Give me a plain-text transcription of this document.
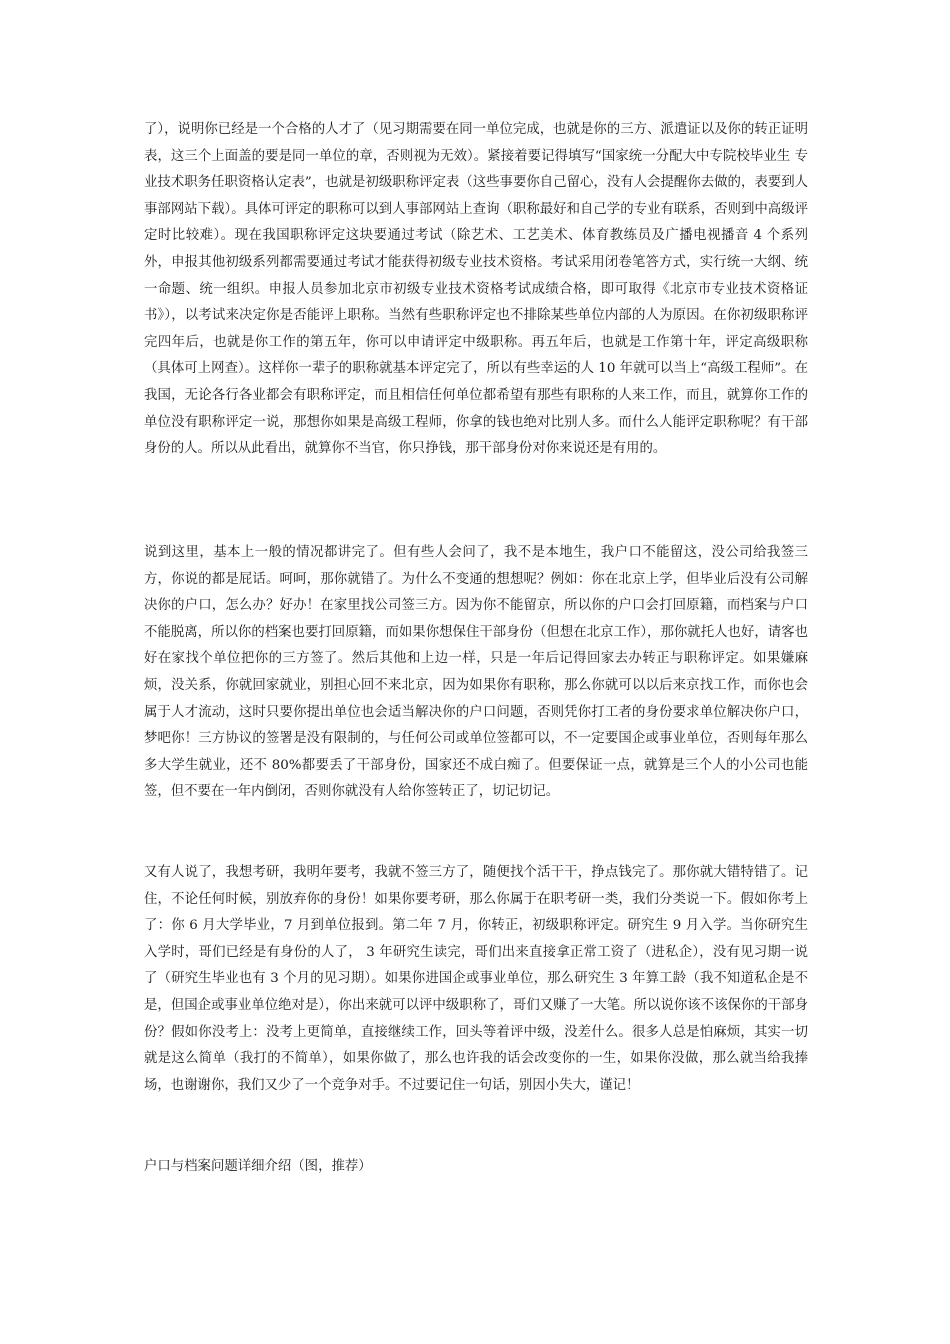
了），说明你已经是一个合格的人才了（见习期需要在同一单位完成，也就是你的三方、派遣证以及你的转正证明表，这三个上面盖的要是同一单位的章，否则视为无效）。紧接着要记得填写“国家统一分配大中专院校毕业生 专业技术职务任职资格认定表”，也就是初级职称评定表（这些事要你自己留心，没有人会提醒你去做的，表要到人事部网站下载）。具体可评定的职称可以到人事部网站上查询（职称最好和自己学的专业有联系，否则到中高级评定时比较难）。现在我国职称评定这块要通过考试（除艺术、工艺美术、体育教练员及广播电视播音 4 个系列外，申报其他初级系列都需要通过考试才能获得初级专业技术资格。考试采用闭卷笔答方式，实行统一大纲、统一命题、统一组织。申报人员参加北京市初级专业技术资格考试成绩合格，即可取得《北京市专业技术资格证书》），以考试来决定你是否能评上职称。当然有些职称评定也不排除某些单位内部的人为原因。在你初级职称评完四年后，也就是你工作的第五年，你可以申请评定中级职称。再五年后，也就是工作第十年，评定高级职称（具体可上网查）。这样你一辈子的职称就基本评定完了，所以有些幸运的人 10 年就可以当上“高级工程师”。在我国，无论各行各业都会有职称评定，而且相信任何单位都希望有那些有职称的人来工作，而且，就算你工作的单位没有职称评定一说，那想你如果是高级工程师，你拿的钱也绝对比别人多。而什么人能评定职称呢？有干部身份的人。所以从此看出，就算你不当官，你只挣钱，那干部身份对你来说还是有用的。

说到这里，基本上一般的情况都讲完了。但有些人会问了，我不是本地生，我户口不能留这，没公司给我签三方，你说的都是屁话。呵呵，那你就错了。为什么不变通的想想呢？例如：你在北京上学，但毕业后没有公司解决你的户口，怎么办？好办！在家里找公司签三方。因为你不能留京，所以你的户口会打回原籍，而档案与户口不能脱离，所以你的档案也要打回原籍，而如果你想保住干部身份（但想在北京工作），那你就托人也好，请客也好在家找个单位把你的三方签了。然后其他和上边一样，只是一年后记得回家去办转正与职称评定。如果嫌麻烦，没关系，你就回家就业，别担心回不来北京，因为如果你有职称，那么你就可以以后来京找工作，而你也会属于人才流动，这时只要你提出单位也会适当解决你的户口问题，否则凭你打工者的身份要求单位解决你户口，梦吧你！三方协议的签署是没有限制的，与任何公司或单位签都可以，不一定要国企或事业单位，否则每年那么多大学生就业，还不 80%都要丢了干部身份，国家还不成白痴了。但要保证一点，就算是三个人的小公司也能签，但不要在一年内倒闭，否则你就没有人给你签转正了，切记切记。

又有人说了，我想考研，我明年要考，我就不签三方了，随便找个活干干，挣点钱完了。那你就大错特错了。记住，不论任何时候，别放弃你的身份！如果你要考研，那么你属于在职考研一类，我们分类说一下。假如你考上了：你 6 月大学毕业，7 月到单位报到。第二年 7 月，你转正，初级职称评定。研究生 9 月入学。当你研究生入学时，哥们已经是有身份的人了， 3 年研究生读完，哥们出来直接拿正常工资了（进私企），没有见习期一说了（研究生毕业也有 3 个月的见习期）。如果你进国企或事业单位，那么研究生 3 年算工龄（我不知道私企是不是，但国企或事业单位绝对是），你出来就可以评中级职称了，哥们又赚了一大笔。所以说你该不该保你的干部身份？假如你没考上：没考上更简单，直接继续工作，回头等着评中级，没差什么。很多人总是怕麻烦，其实一切就是这么简单（我打的不简单），如果你做了，那么也许我的话会改变你的一生，如果你没做，那么就当给我捧场，也谢谢你，我们又少了一个竞争对手。不过要记住一句话，别因小失大，谨记！

户口与档案问题详细介绍（图，推荐）
